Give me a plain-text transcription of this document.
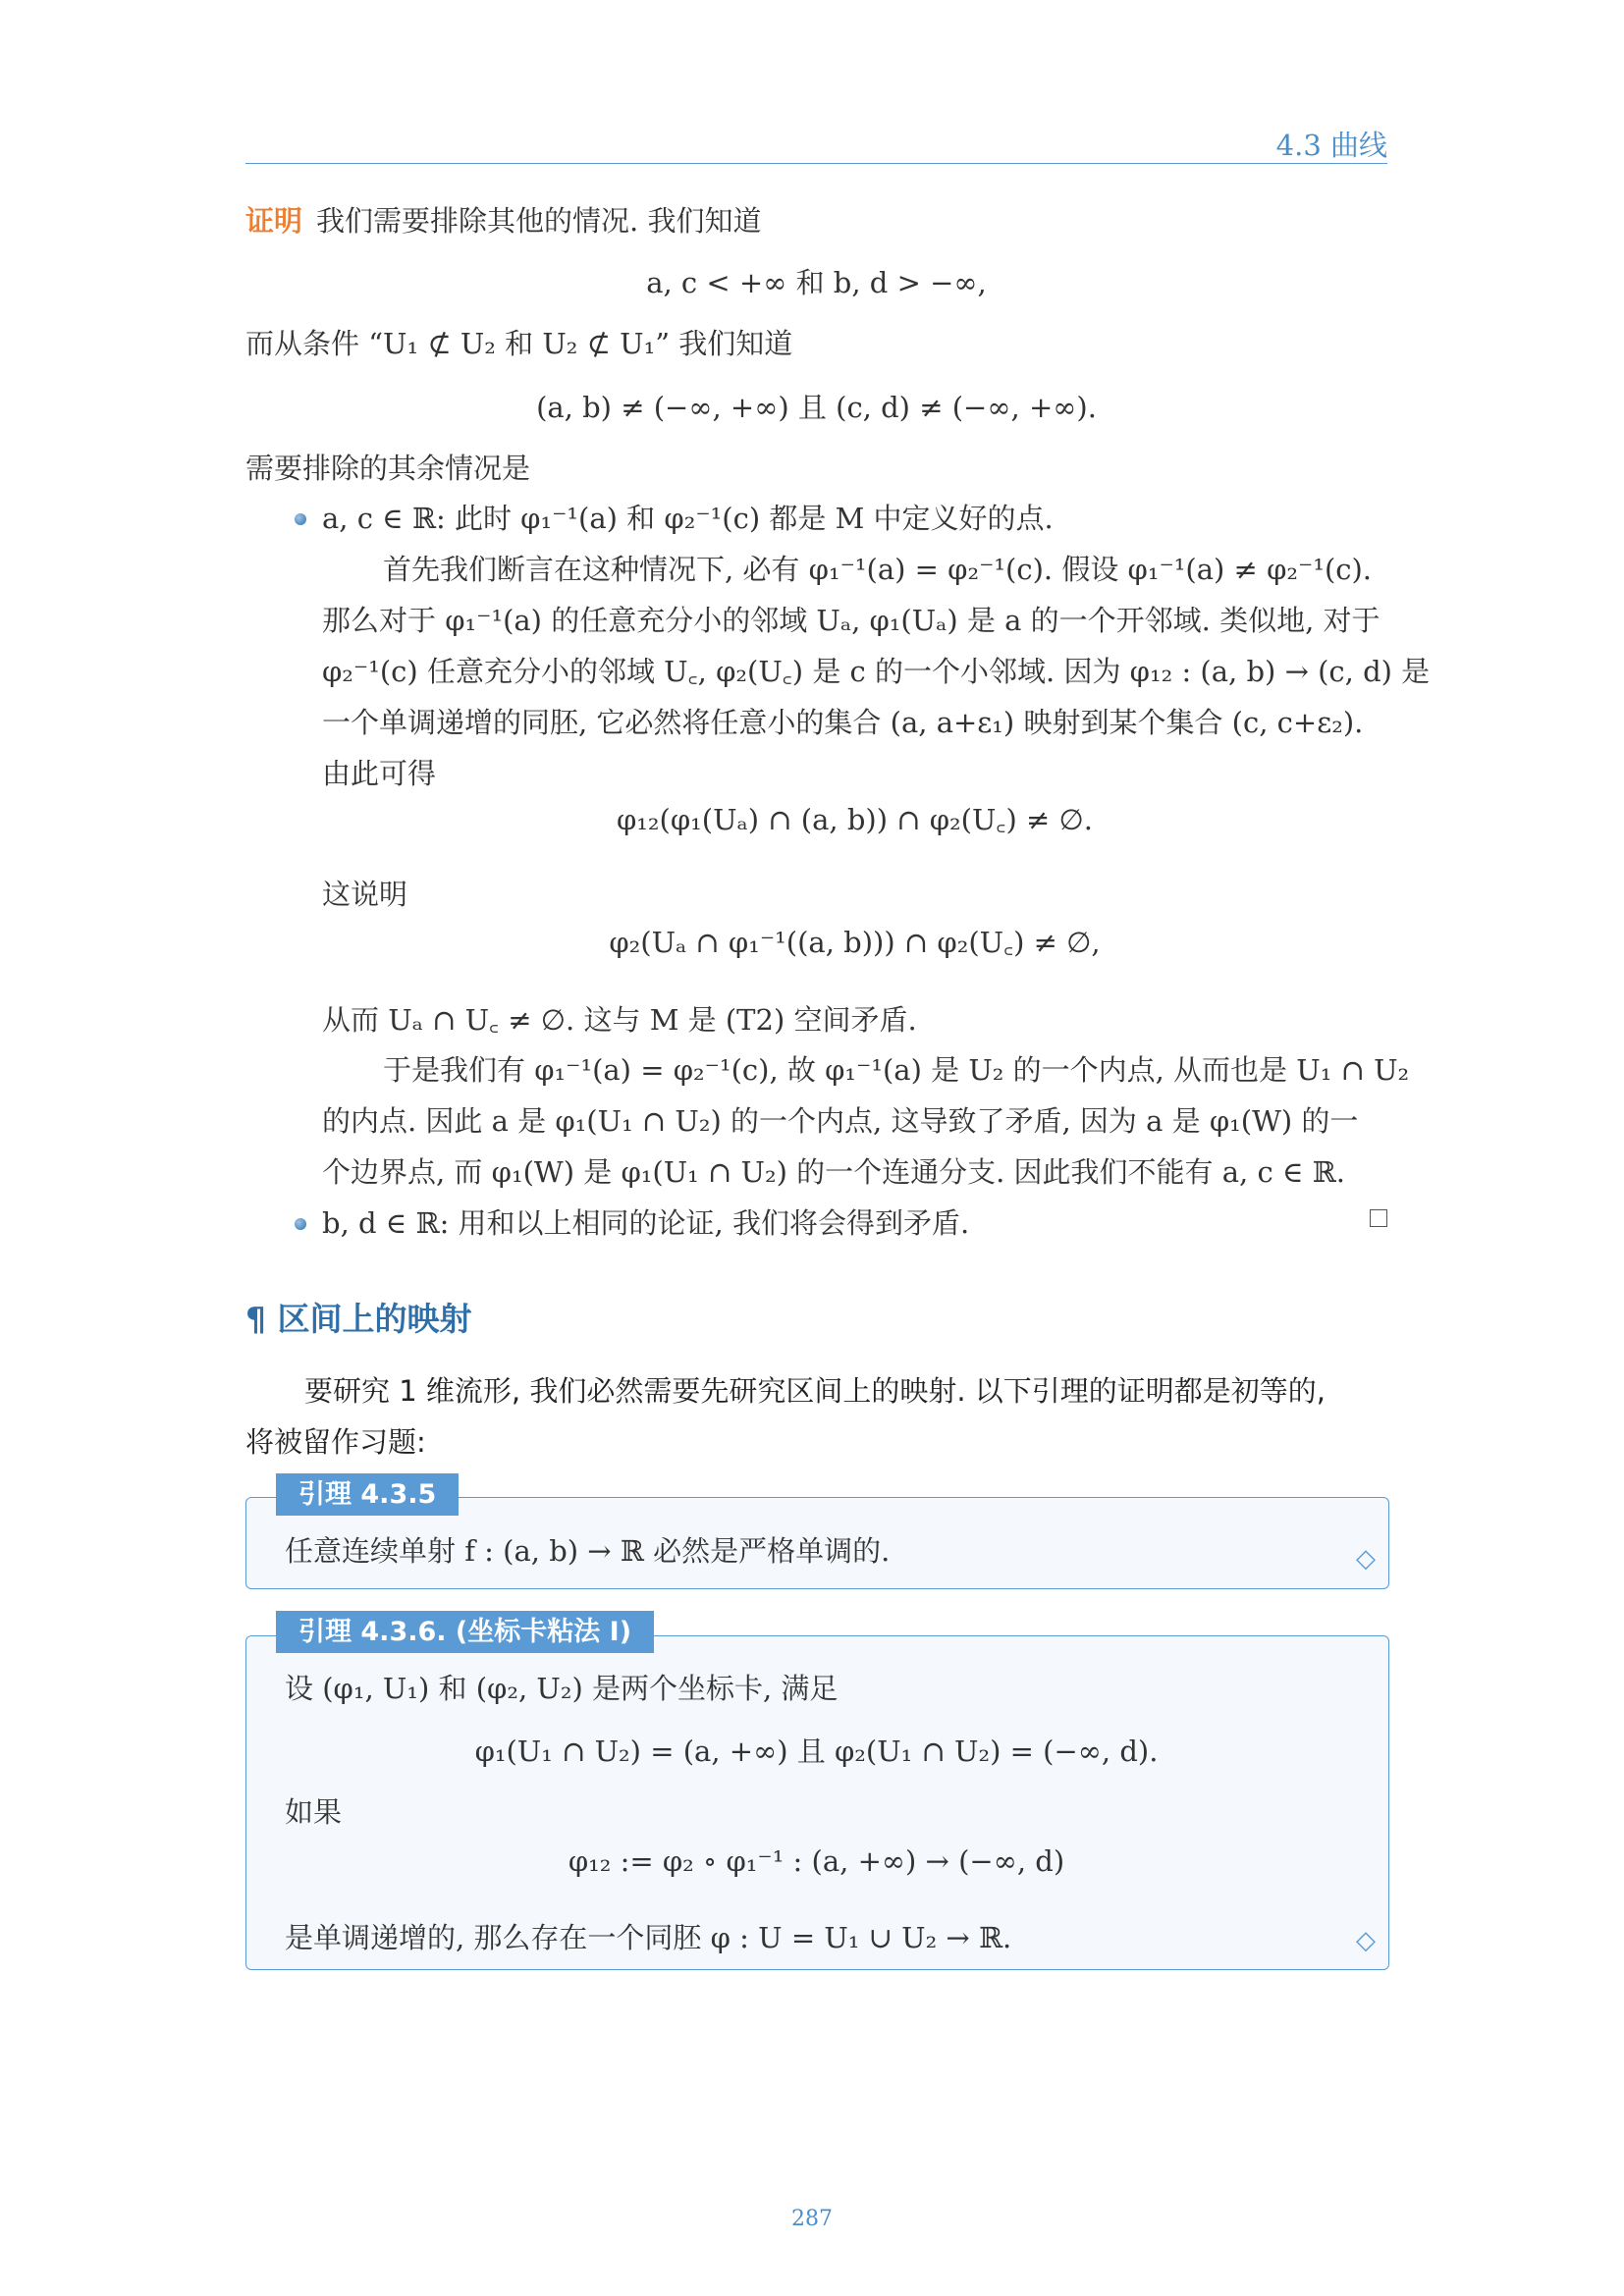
4.3 曲线
证明 我们需要排除其他的情况. 我们知道
a, c < +∞ 和 b, d > −∞,
而从条件 “U₁ ⊄ U₂ 和 U₂ ⊄ U₁” 我们知道
(a, b) ≠ (−∞, +∞) 且 (c, d) ≠ (−∞, +∞).
需要排除的其余情况是
a, c ∈ ℝ: 此时 φ₁⁻¹(a) 和 φ₂⁻¹(c) 都是 M 中定义好的点.
首先我们断言在这种情况下, 必有 φ₁⁻¹(a) = φ₂⁻¹(c). 假设 φ₁⁻¹(a) ≠ φ₂⁻¹(c).
那么对于 φ₁⁻¹(a) 的任意充分小的邻域 Uₐ, φ₁(Uₐ) 是 a 的一个开邻域. 类似地, 对于
φ₂⁻¹(c) 任意充分小的邻域 U꜀, φ₂(U꜀) 是 c 的一个小邻域. 因为 φ₁₂ : (a, b) → (c, d) 是
一个单调递增的同胚, 它必然将任意小的集合 (a, a+ε₁) 映射到某个集合 (c, c+ε₂).
由此可得
φ₁₂(φ₁(Uₐ) ∩ (a, b)) ∩ φ₂(U꜀) ≠ ∅.
这说明
φ₂(Uₐ ∩ φ₁⁻¹((a, b))) ∩ φ₂(U꜀) ≠ ∅,
从而 Uₐ ∩ U꜀ ≠ ∅. 这与 M 是 (T2) 空间矛盾.
于是我们有 φ₁⁻¹(a) = φ₂⁻¹(c), 故 φ₁⁻¹(a) 是 U₂ 的一个内点, 从而也是 U₁ ∩ U₂
的内点. 因此 a 是 φ₁(U₁ ∩ U₂) 的一个内点, 这导致了矛盾, 因为 a 是 φ₁(W) 的一
个边界点, 而 φ₁(W) 是 φ₁(U₁ ∩ U₂) 的一个连通分支. 因此我们不能有 a, c ∈ ℝ.
b, d ∈ ℝ: 用和以上相同的论证, 我们将会得到矛盾.
¶ 区间上的映射
要研究 1 维流形, 我们必然需要先研究区间上的映射. 以下引理的证明都是初等的,
将被留作习题:
引理 4.3.5
任意连续单射 f : (a, b) → ℝ 必然是严格单调的.	◇
引理 4.3.6. (坐标卡粘法 I)
设 (φ₁, U₁) 和 (φ₂, U₂) 是两个坐标卡, 满足
φ₁(U₁ ∩ U₂) = (a, +∞) 且 φ₂(U₁ ∩ U₂) = (−∞, d).
如果
φ₁₂ := φ₂ ∘ φ₁⁻¹ : (a, +∞) → (−∞, d)
是单调递增的, 那么存在一个同胚 φ : U = U₁ ∪ U₂ → ℝ.	◇
287
